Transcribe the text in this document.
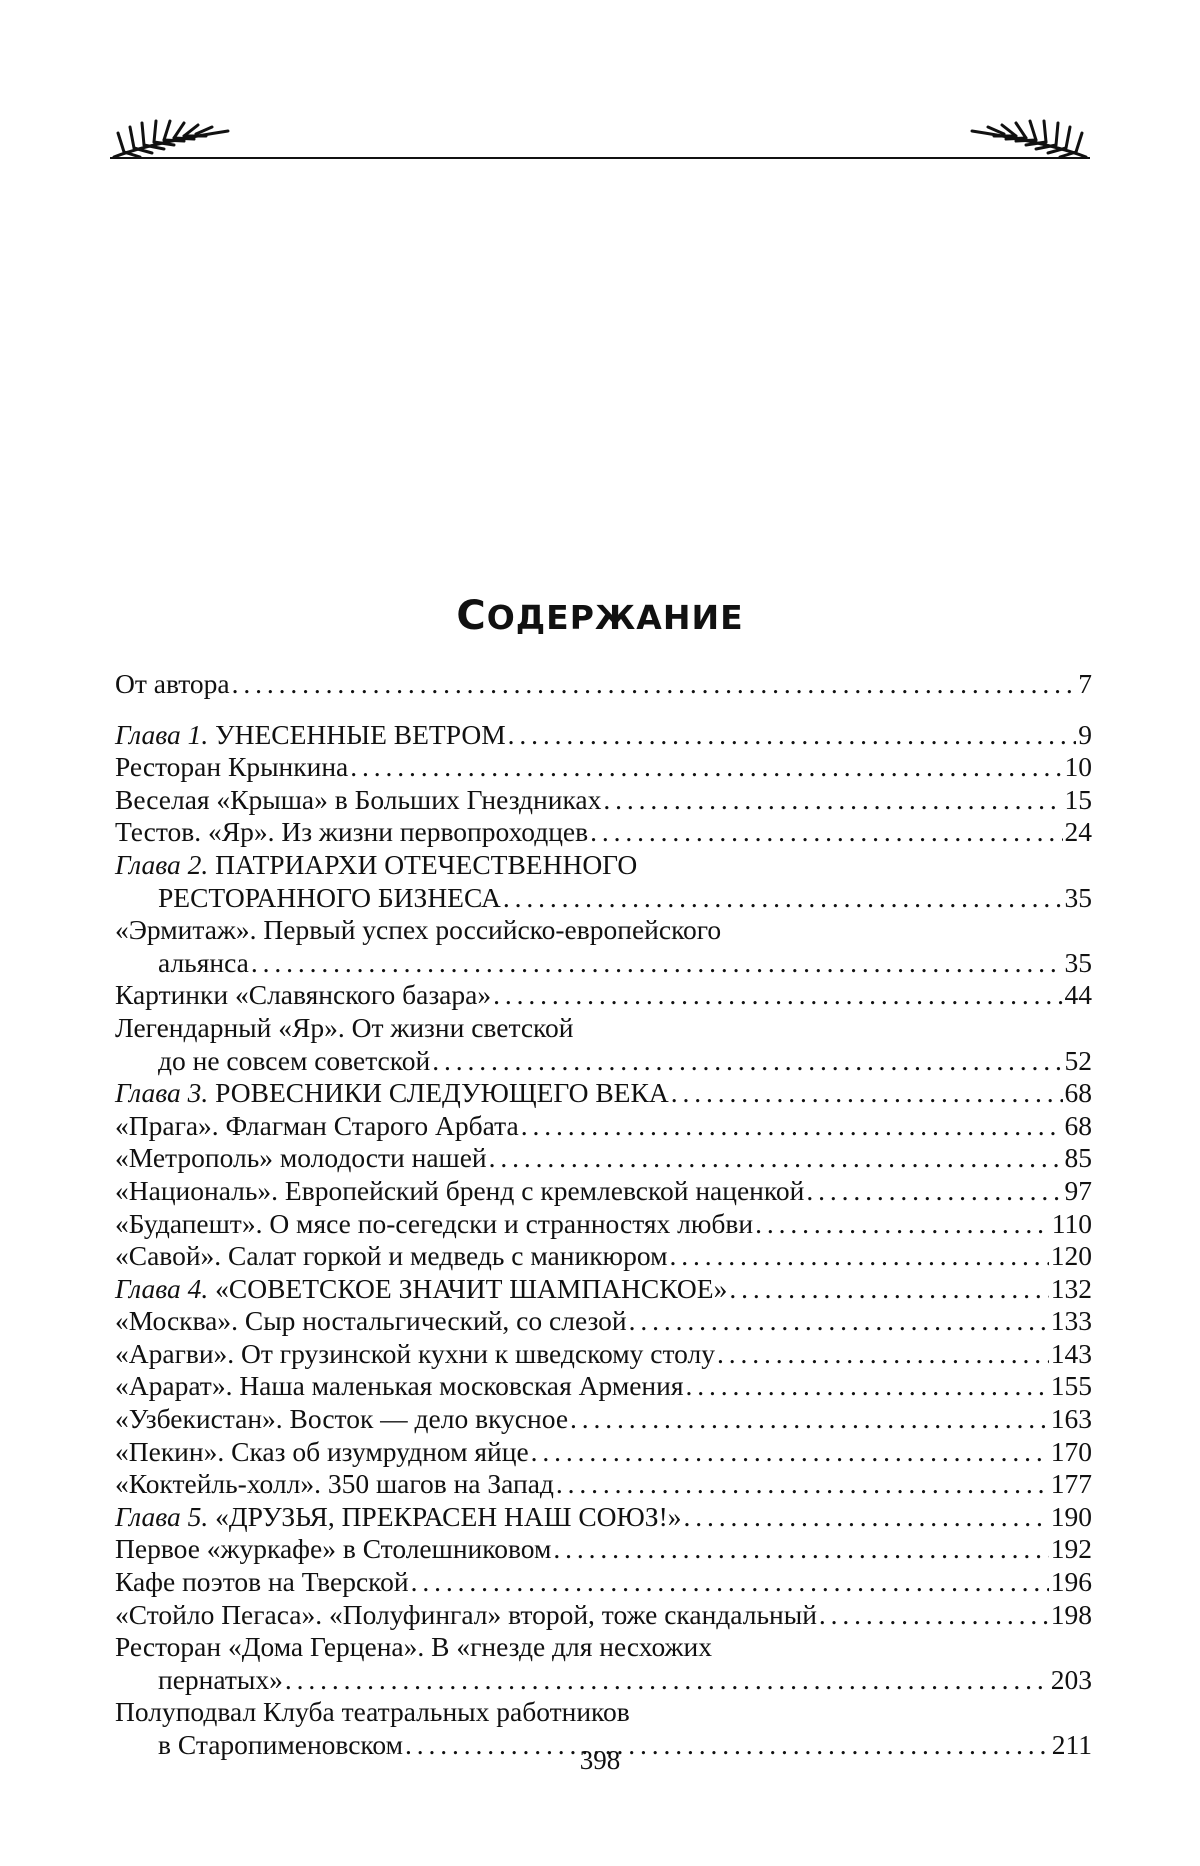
СОДЕРЖАНИЕ
От автора
. . .	7
Глава 1. УНЕСЕННЫЕ ВЕТРОМ
. . .	9
Ресторан Крынкина
. . .	10
Веселая «Крыша» в Больших Гнездниках
. . .	15
Тестов. «Яр». Из жизни первопроходцев
. . .	24
Глава 2. ПАТРИАРХИ ОТЕЧЕСТВЕННОГО
РЕСТОРАННОГО БИЗНЕСА
. . .	35
«Эрмитаж». Первый успех российско-европейского
альянса
. . .	35
Картинки «Славянского базара»
. . .	44
Легендарный «Яр». От жизни светской
до не совсем советской
. . .	52
Глава 3. РОВЕСНИКИ СЛЕДУЮЩЕГО ВЕКА
. . .	68
«Прага». Флагман Старого Арбата
. . .	68
«Метрополь» молодости нашей
. . .	85
«Националь». Европейский бренд с кремлевской наценкой
. . .	97
«Будапешт». О мясе по-сегедски и странностях любви
. . .	110
«Савой». Салат горкой и медведь с маникюром
. . .	120
Глава 4. «СОВЕТСКОЕ ЗНАЧИТ ШАМПАНСКОЕ»
. . .	132
«Москва». Сыр ностальгический, со слезой
. . .	133
«Арагви». От грузинской кухни к шведскому столу
. . .	143
«Арарат». Наша маленькая московская Армения
. . .	155
«Узбекистан». Восток — дело вкусное
. . .	163
«Пекин». Сказ об изумрудном яйце
. . .	170
«Коктейль-холл». 350 шагов на Запад
. . .	177
Глава 5. «ДРУЗЬЯ, ПРЕКРАСЕН НАШ СОЮЗ!»
. . .	190
Первое «журкафе» в Столешниковом
. . .	192
Кафе поэтов на Тверской
. . .	196
«Стойло Пегаса». «Полуфингал» второй, тоже скандальный
. . .	198
Ресторан «Дома Герцена». В «гнезде для несхожих
пернатых»
. . .	203
Полуподвал Клуба театральных работников
в Старопименовском
. . .	211
398
